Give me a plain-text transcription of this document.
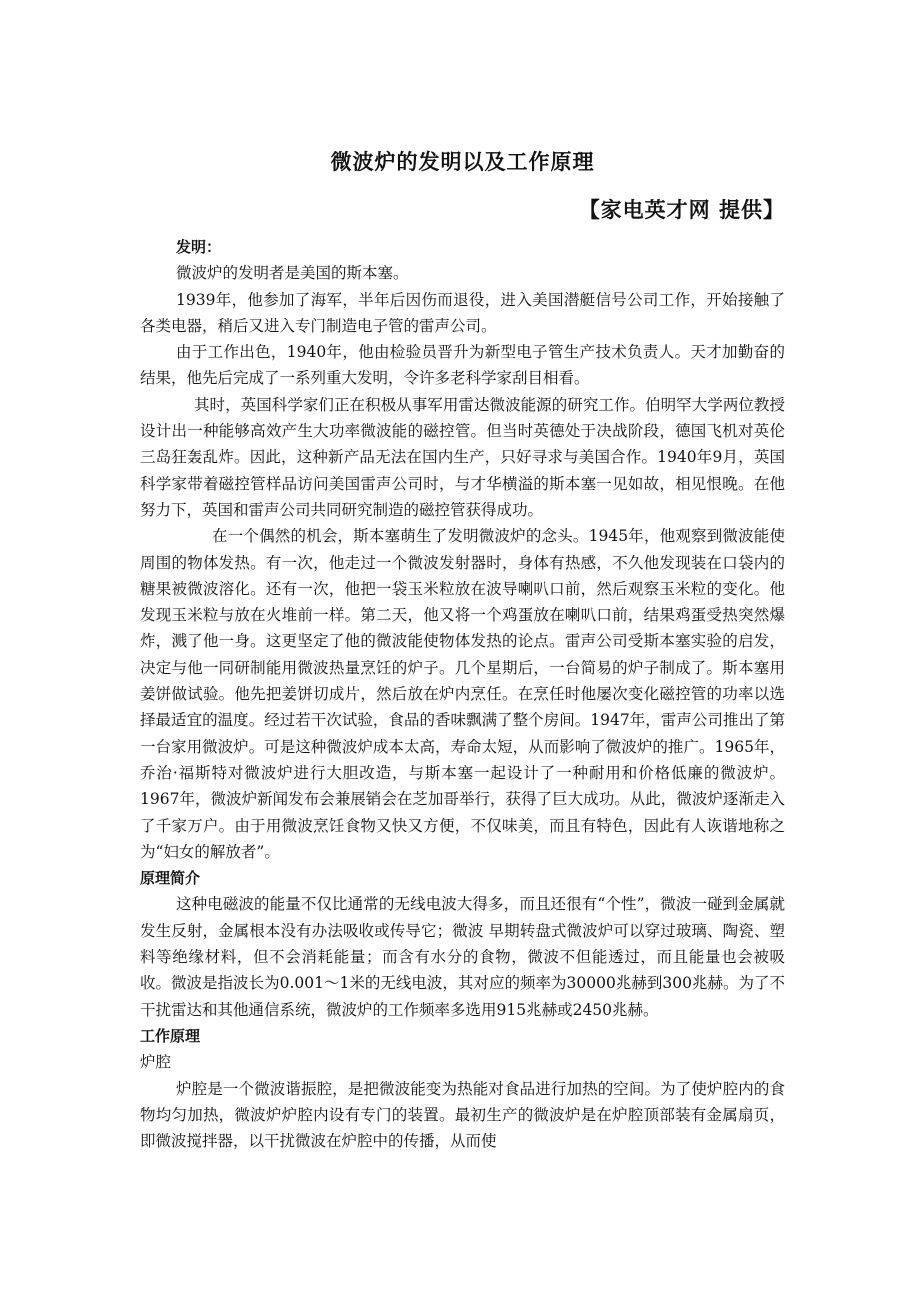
微波炉的发明以及工作原理
【家电英才网 提供】

发明：

微波炉的发明者是美国的斯本塞。

1939年，他参加了海军，半年后因伤而退役，进入美国潜艇信号公司工作，开始接触了各类电器，稍后又进入专门制造电子管的雷声公司。

由于工作出色，1940年，他由检验员晋升为新型电子管生产技术负责人。天才加勤奋的结果，他先后完成了一系列重大发明，令许多老科学家刮目相看。

其时，英国科学家们正在积极从事军用雷达微波能源的研究工作。伯明罕大学两位教授设计出一种能够高效产生大功率微波能的磁控管。但当时英德处于决战阶段，德国飞机对英伦三岛狂轰乱炸。因此，这种新产品无法在国内生产，只好寻求与美国合作。1940年9月，英国科学家带着磁控管样品访问美国雷声公司时，与才华横溢的斯本塞一见如故，相见恨晚。在他努力下，英国和雷声公司共同研究制造的磁控管获得成功。

在一个偶然的机会，斯本塞萌生了发明微波炉的念头。1945年，他观察到微波能使周围的物体发热。有一次，他走过一个微波发射器时，身体有热感，不久他发现装在口袋内的糖果被微波溶化。还有一次，他把一袋玉米粒放在波导喇叭口前，然后观察玉米粒的变化。他发现玉米粒与放在火堆前一样。第二天，他又将一个鸡蛋放在喇叭口前，结果鸡蛋受热突然爆炸，溅了他一身。这更坚定了他的微波能使物体发热的论点。雷声公司受斯本塞实验的启发，决定与他一同研制能用微波热量烹饪的炉子。几个星期后，一台简易的炉子制成了。斯本塞用姜饼做试验。他先把姜饼切成片，然后放在炉内烹任。在烹任时他屡次变化磁控管的功率以选择最适宜的温度。经过若干次试验，食品的香味飘满了整个房间。1947年，雷声公司推出了第一台家用微波炉。可是这种微波炉成本太高，寿命太短，从而影响了微波炉的推广。1965年，乔治·福斯特对微波炉进行大胆改造，与斯本塞一起设计了一种耐用和价格低廉的微波炉。1967年，微波炉新闻发布会兼展销会在芝加哥举行，获得了巨大成功。从此，微波炉逐渐走入了千家万户。由于用微波烹饪食物又快又方便，不仅味美，而且有特色，因此有人诙谐地称之为“妇女的解放者”。

原理简介

这种电磁波的能量不仅比通常的无线电波大得多，而且还很有“个性”，微波一碰到金属就发生反射，金属根本没有办法吸收或传导它；微波 早期转盘式微波炉可以穿过玻璃、陶瓷、塑料等绝缘材料，但不会消耗能量；而含有水分的食物，微波不但能透过，而且能量也会被吸收。微波是指波长为0.001～1米的无线电波，其对应的频率为30000兆赫到300兆赫。为了不干扰雷达和其他通信系统，微波炉的工作频率多选用915兆赫或2450兆赫。

工作原理

炉腔

炉腔是一个微波谐振腔，是把微波能变为热能对食品进行加热的空间。为了使炉腔内的食物均匀加热，微波炉炉腔内设有专门的装置。最初生产的微波炉是在炉腔顶部装有金属扇页，即微波搅拌器，以干扰微波在炉腔中的传播，从而使
